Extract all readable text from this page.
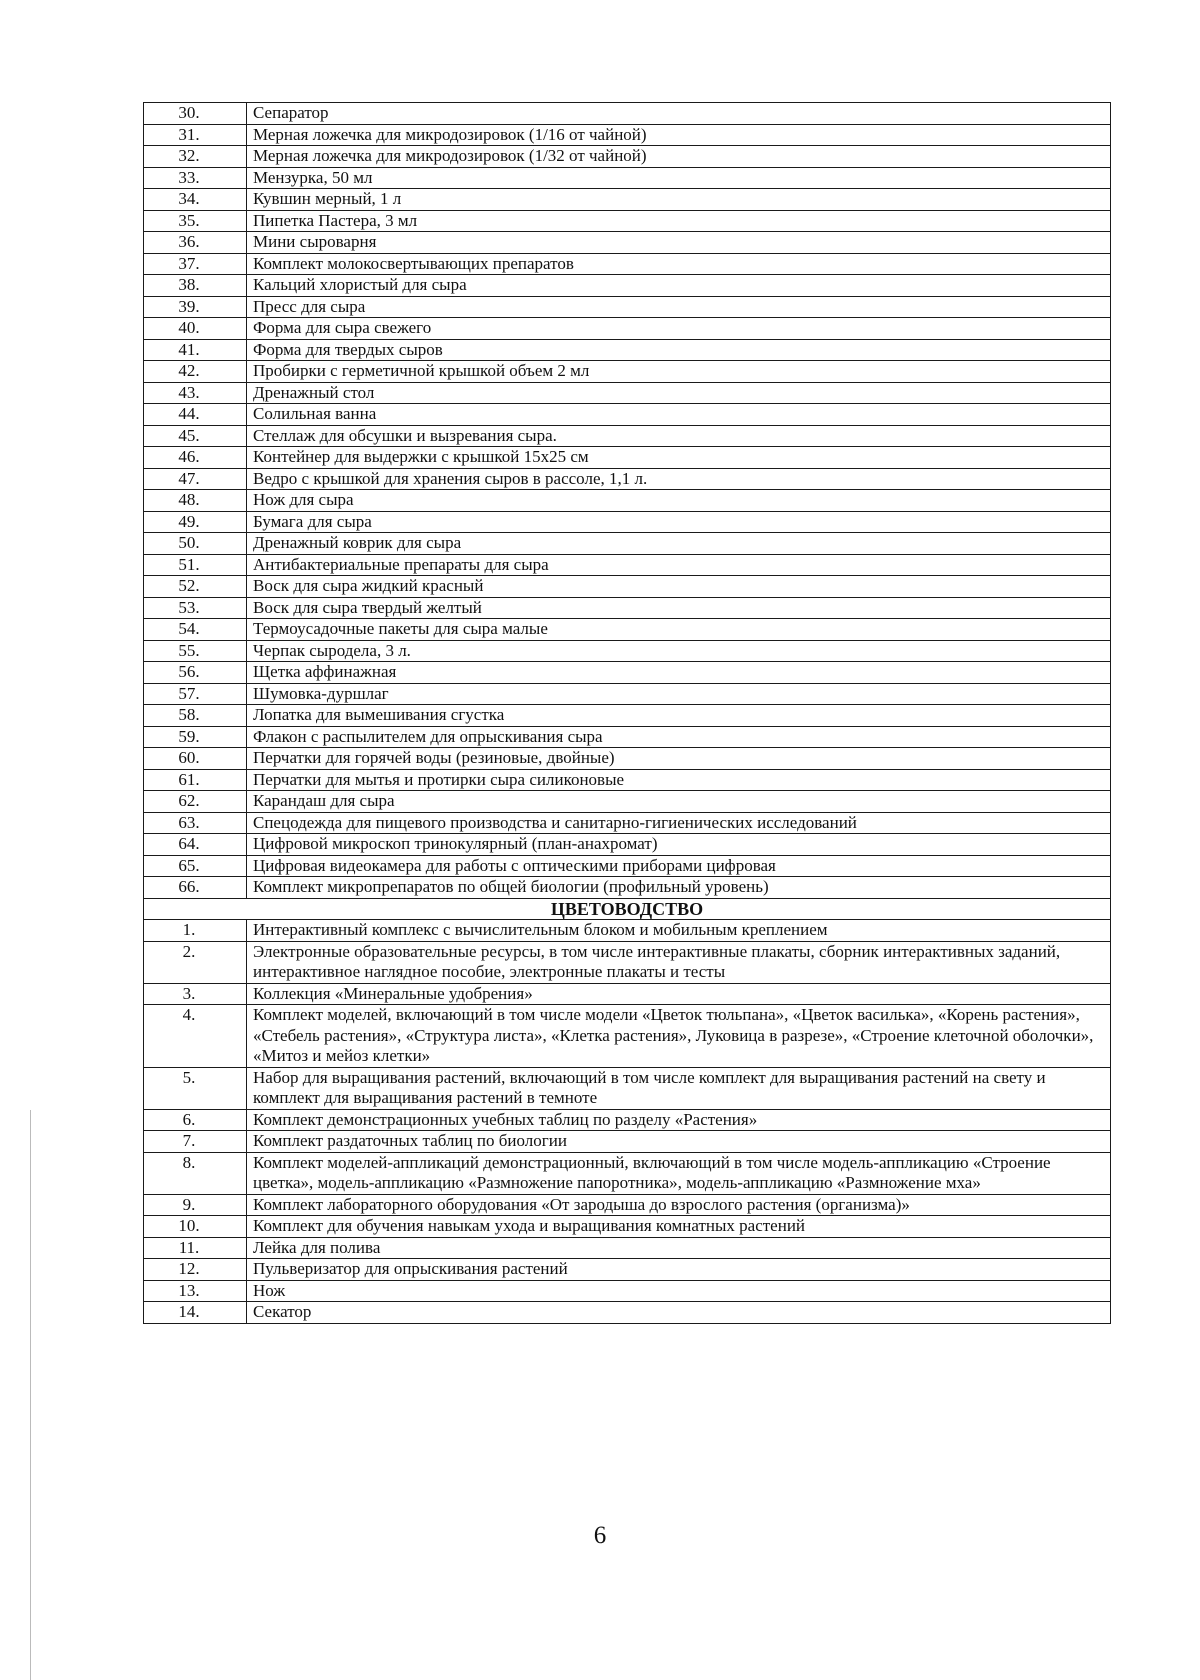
30.	Сепаратор
31.	Мерная ложечка для микродозировок (1/16 от чайной)
32.	Мерная ложечка для микродозировок (1/32 от чайной)
33.	Мензурка, 50 мл
34.	Кувшин мерный, 1 л
35.	Пипетка Пастера, 3 мл
36.	Мини сыроварня
37.	Комплект молокосвертывающих препаратов
38.	Кальций хлористый для сыра
39.	Пресс для сыра
40.	Форма для сыра свежего
41.	Форма для твердых сыров
42.	Пробирки с герметичной крышкой объем 2 мл
43.	Дренажный стол
44.	Солильная ванна
45.	Стеллаж для обсушки и вызревания сыра.
46.	Контейнер для выдержки с крышкой 15х25 см
47.	Ведро с крышкой для хранения сыров в рассоле, 1,1 л.
48.	Нож для сыра
49.	Бумага для сыра
50.	Дренажный коврик для сыра
51.	Антибактериальные препараты для сыра
52.	Воск для сыра жидкий красный
53.	Воск для сыра твердый желтый
54.	Термоусадочные пакеты для сыра малые
55.	Черпак сыродела, 3 л.
56.	Щетка аффинажная
57.	Шумовка-дуршлаг
58.	Лопатка для вымешивания сгустка
59.	Флакон с распылителем для опрыскивания сыра
60.	Перчатки для горячей воды (резиновые, двойные)
61.	Перчатки для мытья и протирки сыра силиконовые
62.	Карандаш для сыра
63.	Спецодежда для пищевого производства и санитарно-гигиенических исследований
64.	Цифровой микроскоп тринокулярный (план-анахромат)
65.	Цифровая видеокамера для работы с оптическими приборами цифровая
66.	Комплект микропрепаратов по общей биологии (профильный уровень)
ЦВЕТОВОДСТВО	
1.	Интерактивный комплекс с вычислительным блоком и мобильным креплением
2.	Электронные образовательные ресурсы, в том числе интерактивные плакаты, сборник интерактивных заданий, интерактивное наглядное пособие, электронные плакаты и тесты
3.	Коллекция «Минеральные удобрения»
4.	Комплект моделей, включающий в том числе модели «Цветок тюльпана», «Цветок василька», «Корень растения», «Стебель растения», «Структура листа», «Клетка растения», Луковица в разрезе», «Строение клеточной оболочки», «Митоз и мейоз клетки»
5.	Набор для выращивания растений, включающий в том числе комплект для выращивания растений на свету и комплект для выращивания растений в темноте
6.	Комплект демонстрационных учебных таблиц по разделу «Растения»
7.	Комплект раздаточных таблиц по биологии
8.	Комплект моделей-аппликаций демонстрационный, включающий в том числе модель-аппликацию «Строение цветка», модель-аппликацию «Размножение папоротника», модель-аппликацию «Размножение мха»
9.	Комплект лабораторного оборудования «От зародыша до взрослого растения (организма)»
10.	Комплект для обучения навыкам ухода и выращивания комнатных растений
11.	Лейка для полива
12.	Пульверизатор для опрыскивания растений
13.	Нож
14.	Секатор
6
